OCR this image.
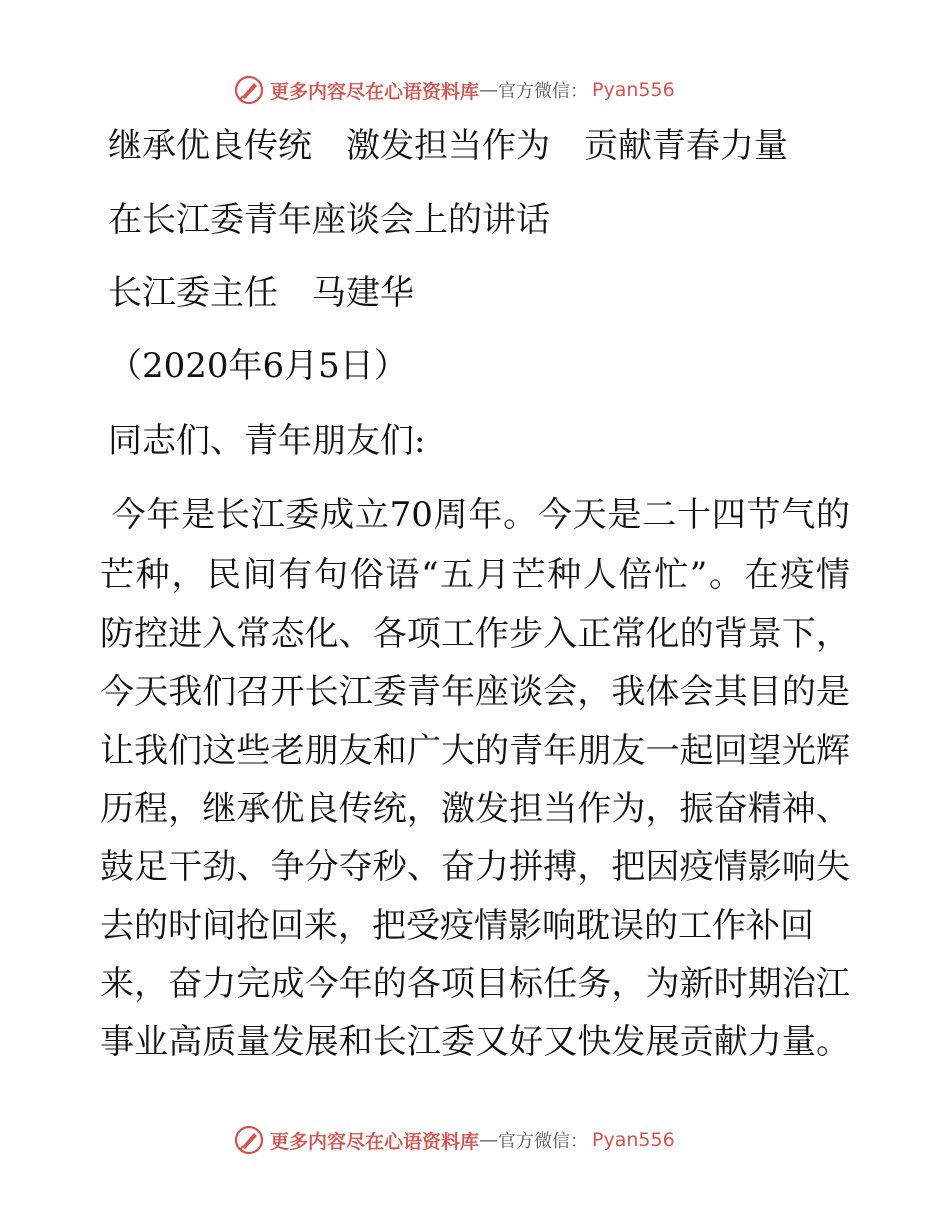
更多内容尽在心语资料库 — 官方微信： Pyan556
继承优良传统　激发担当作为　贡献青春力量
在长江委青年座谈会上的讲话
长江委主任　马建华
（2020年6月5日）
同志们、青年朋友们:
今年是长江委成立70周年。今天是二十四节气的
芒种，民间有句俗语“五月芒种人倍忙”。在疫情
防控进入常态化、各项工作步入正常化的背景下，
今天我们召开长江委青年座谈会，我体会其目的是
让我们这些老朋友和广大的青年朋友一起回望光辉
历程，继承优良传统，激发担当作为，振奋精神、
鼓足干劲、争分夺秒、奋力拼搏，把因疫情影响失
去的时间抢回来，把受疫情影响耽误的工作补回
来，奋力完成今年的各项目标任务，为新时期治江
事业高质量发展和长江委又好又快发展贡献力量。
更多内容尽在心语资料库 — 官方微信： Pyan556
